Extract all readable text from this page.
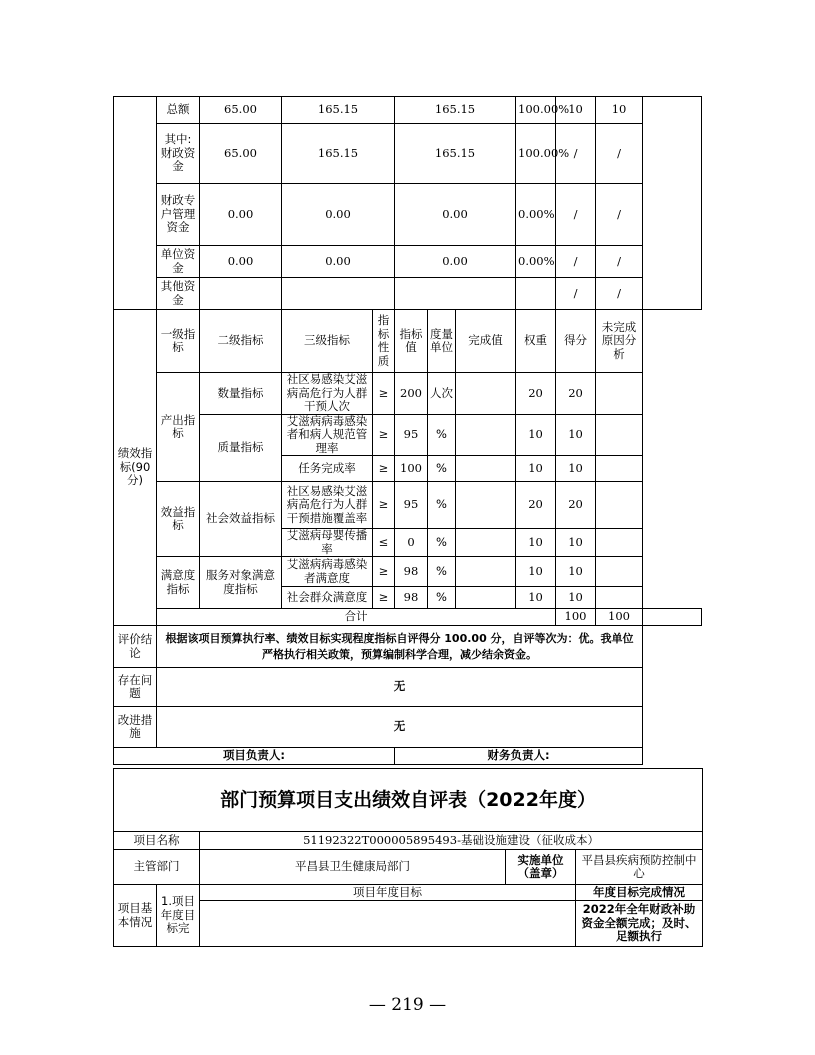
	总额	65.00	165.15		165.15			100.00%	10	10	
	其中:财政资金	65.00	165.15		165.15			100.00%	/	/	
	财政专户管理资金	0.00	0.00		0.00			0.00%	/	/	
	单位资金	0.00	0.00		0.00			0.00%	/	/	
	其他资金								/	/	
绩效指标(90分)	一级指标	二级指标	三级指标	指标性质	指标值	度量单位	完成值	权重	得分	未完成原因分析	
	产出指标	数量指标	社区易感染艾滋病高危行为人群干预人次	≥	200	人次		20	20		
		质量指标	艾滋病病毒感染者和病人规范管理率	≥	95	%		10	10		
			任务完成率	≥	100	%		10	10		
	效益指标	社会效益指标	社区易感染艾滋病高危行为人群干预措施覆盖率	≥	95	%		20	20		
			艾滋病母婴传播率	≤	0	%		10	10		
	满意度指标	服务对象满意度指标	艾滋病病毒感染者满意度	≥	98	%		10	10		
			社会群众满意度	≥	98	%		10	10		
	合计								100	100	
评价结论	根据该项目预算执行率、绩效目标实现程度指标自评得分 100.00 分，自评等次为：优。我单位严格执行相关政策，预算编制科学合理，减少结余资金。										
存在问题	无										
改进措施	无										
项目负责人:					财务负责人:						
部门预算项目支出绩效自评表（2022年度）				
项目名称		51192322T000005895493-基础设施建设（征收成本）		
主管部门		平昌县卫生健康局部门	实施单位（盖章）	平昌县疾病预防控制中心
项目基本情况	1.项目年度目标完	项目年度目标		年度目标完成情况
				2022年全年财政补助资金全额完成；及时、足额执行
— 219 —
